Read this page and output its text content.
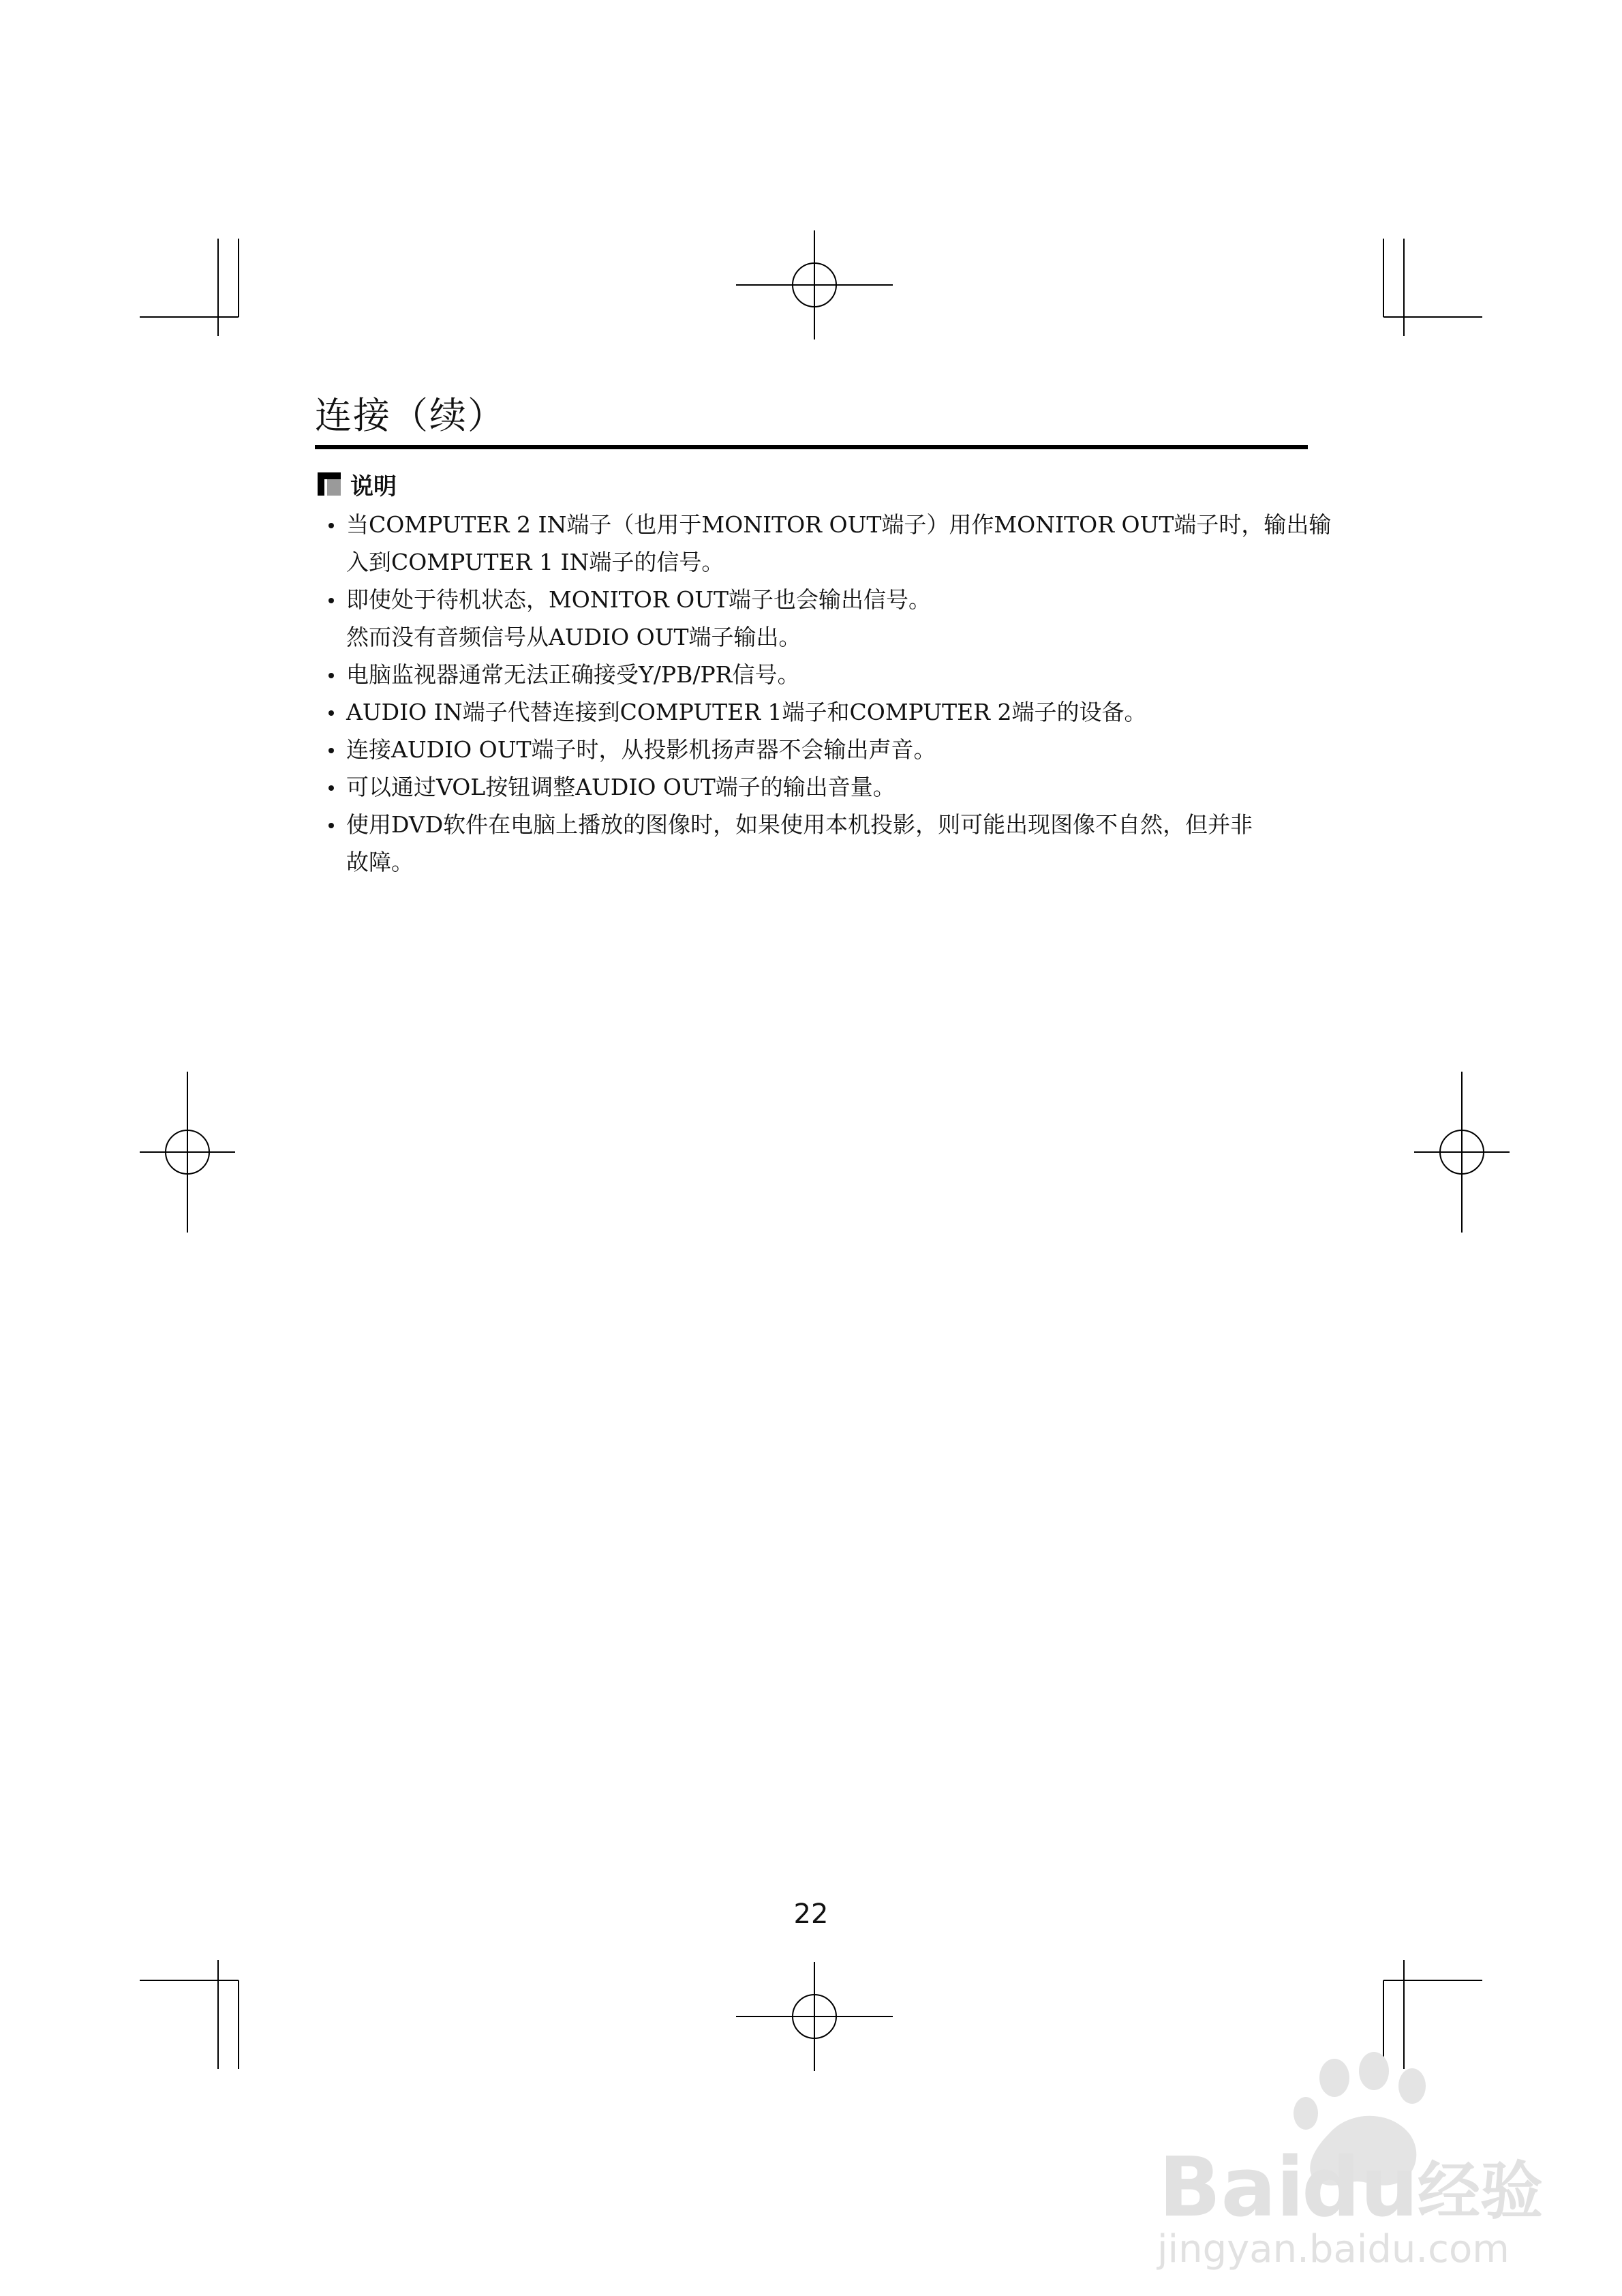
连接（续）
说明
当COMPUTER 2 IN端子（也用于MONITOR OUT端子）用作MONITOR OUT端子时，输出输
入到COMPUTER 1 IN端子的信号。
即使处于待机状态，MONITOR OUT端子也会输出信号。
然而没有音频信号从AUDIO OUT端子输出。
电脑监视器通常无法正确接受Y/PB/PR信号。
AUDIO IN端子代替连接到COMPUTER 1端子和COMPUTER 2端子的设备。
连接AUDIO OUT端子时，从投影机扬声器不会输出声音。
可以通过VOL按钮调整AUDIO OUT端子的输出音量。
使用DVD软件在电脑上播放的图像时，如果使用本机投影，则可能出现图像不自然，但并非
故障。
22
Bai
du
经验
jingyan.baidu.com
